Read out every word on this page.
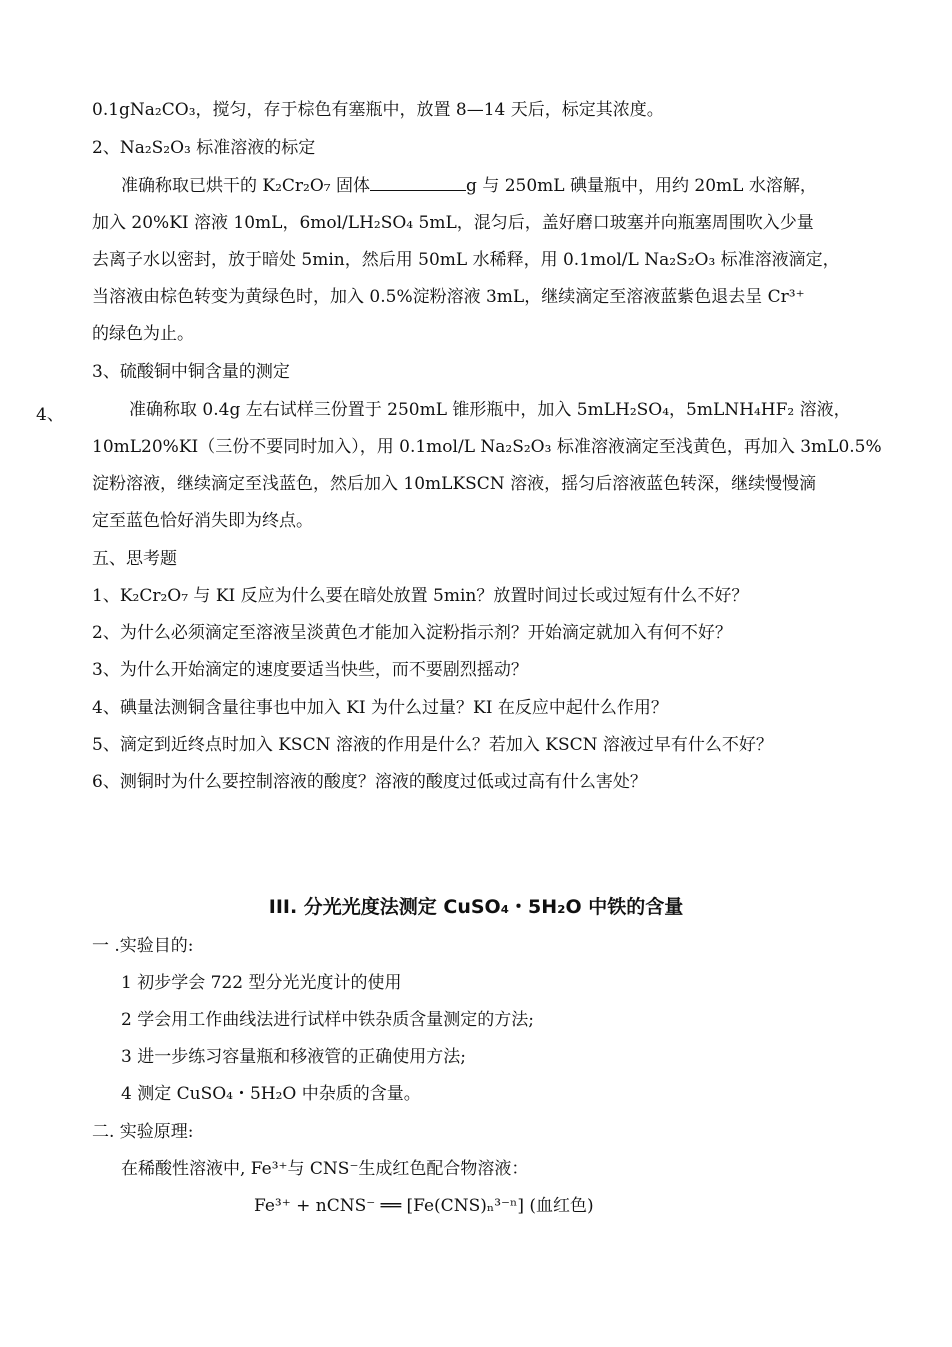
0.1gNa₂CO₃，搅匀，存于棕色有塞瓶中，放置 8—14 天后，标定其浓度。
2、Na₂S₂O₃ 标准溶液的标定
准确称取已烘干的 K₂Cr₂O₇ 固体	g 与 250mL 碘量瓶中，用约 20mL 水溶解，
加入 20%KI 溶液 10mL，6mol/LH₂SO₄ 5mL，混匀后，盖好磨口玻塞并向瓶塞周围吹入少量
去离子水以密封，放于暗处 5min，然后用 50mL 水稀释，用 0.1mol/L Na₂S₂O₃ 标准溶液滴定，
当溶液由棕色转变为黄绿色时，加入 0.5%淀粉溶液 3mL，继续滴定至溶液蓝紫色退去呈 Cr³⁺
的绿色为止。
3、硫酸铜中铜含量的测定
4、	准确称取 0.4g 左右试样三份置于 250mL 锥形瓶中，加入 5mLH₂SO₄，5mLNH₄HF₂ 溶液，
10mL20%KI（三份不要同时加入），用 0.1mol/L Na₂S₂O₃ 标准溶液滴定至浅黄色，再加入 3mL0.5%
淀粉溶液，继续滴定至浅蓝色，然后加入 10mLKSCN 溶液，摇匀后溶液蓝色转深，继续慢慢滴
定至蓝色恰好消失即为终点。
五、思考题
1、K₂Cr₂O₇ 与 KI 反应为什么要在暗处放置 5min？放置时间过长或过短有什么不好？
2、为什么必须滴定至溶液呈淡黄色才能加入淀粉指示剂？开始滴定就加入有何不好？
3、为什么开始滴定的速度要适当快些，而不要剧烈摇动？
4、碘量法测铜含量往事也中加入 KI 为什么过量？KI 在反应中起什么作用？
5、滴定到近终点时加入 KSCN 溶液的作用是什么？若加入 KSCN 溶液过早有什么不好？
6、测铜时为什么要控制溶液的酸度？溶液的酸度过低或过高有什么害处？
III. 分光光度法测定 CuSO₄・5H₂O 中铁的含量
一 .实验目的:
1 初步学会 722 型分光光度计的使用
2 学会用工作曲线法进行试样中铁杂质含量测定的方法;
3 进一步练习容量瓶和移液管的正确使用方法;
4 测定 CuSO₄・5H₂O 中杂质的含量。
二. 实验原理:
在稀酸性溶液中, Fe³⁺与 CNS⁻生成红色配合物溶液：
Fe³⁺ + nCNS⁻ ══ [Fe(CNS)ₙ³⁻ⁿ] (血红色)
